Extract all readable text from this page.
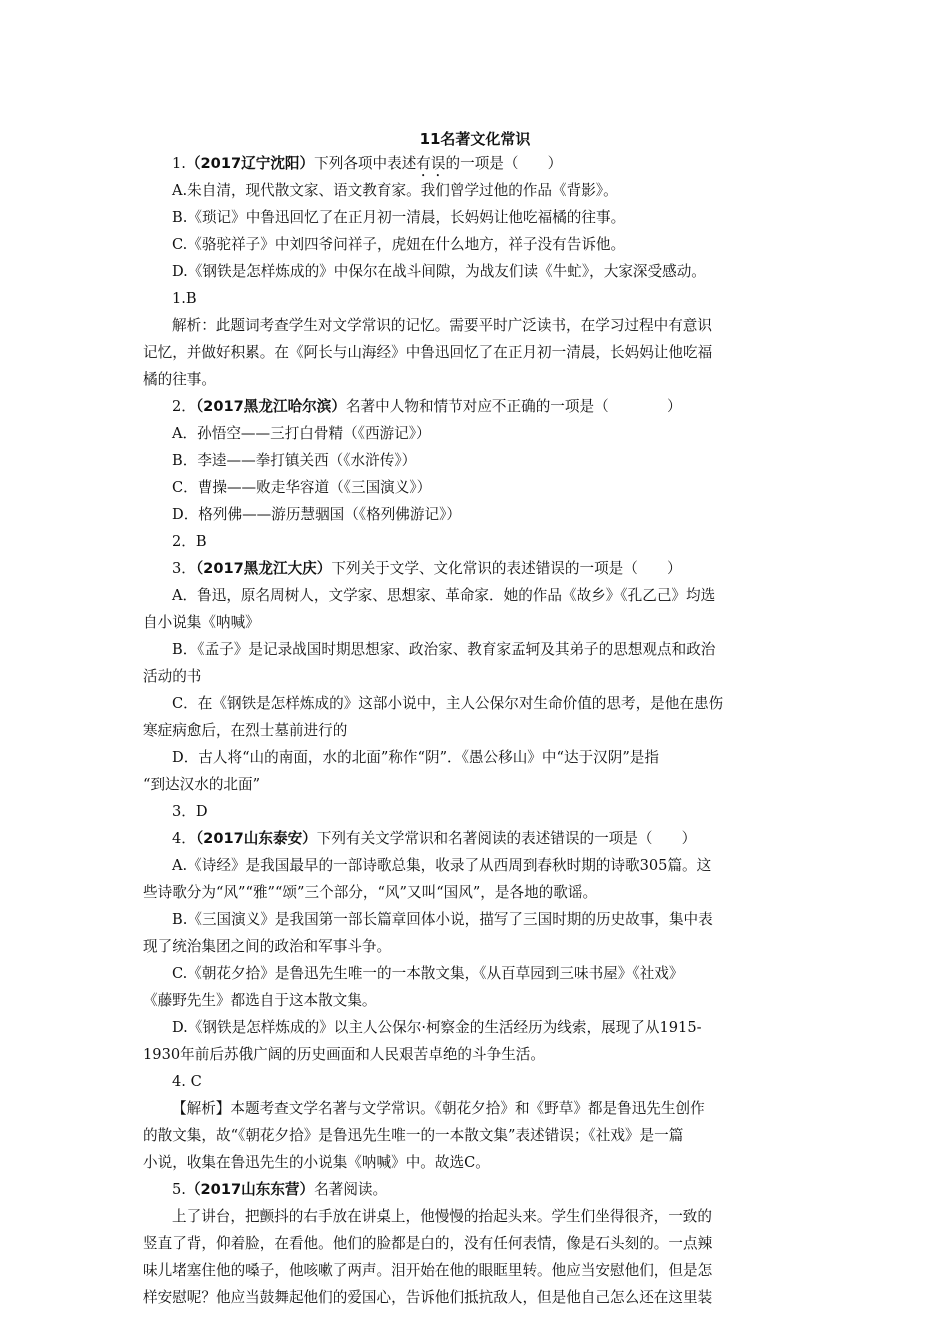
11名著文化常识
1.（2017辽宁沈阳）下列各项中表述有误的一项是（　　）
A.朱自清，现代散文家、语文教育家。我们曾学过他的作品《背影》。
B.《琐记》中鲁迅回忆了在正月初一清晨，长妈妈让他吃福橘的往事。
C.《骆驼祥子》中刘四爷问祥子，虎妞在什么地方，祥子没有告诉他。
D.《钢铁是怎样炼成的》中保尔在战斗间隙，为战友们读《牛虻》，大家深受感动。
1.B
解析：此题词考查学生对文学常识的记忆。需要平时广泛读书，在学习过程中有意识
记忆，并做好积累。在《阿长与山海经》中鲁迅回忆了在正月初一清晨，长妈妈让他吃福
橘的往事。
2．（2017黑龙江哈尔滨）名著中人物和情节对应不正确的一项是（　　　　）
A．孙悟空——三打白骨精（《西游记》）
B．李逵——拳打镇关西（《水浒传》）
C．曹操——败走华容道（《三国演义》）
D．格列佛——游历慧骃国（《格列佛游记》）
2．B
3．（2017黑龙江大庆）下列关于文学、文化常识的表述错误的一项是（　　）
A．鲁迅，原名周树人，文学家、思想家、革命家．她的作品《故乡》《孔乙己》均选
自小说集《呐喊》
B．《孟子》是记录战国时期思想家、政治家、教育家孟轲及其弟子的思想观点和政治
活动的书
C．在《钢铁是怎样炼成的》这部小说中，主人公保尔对生命价值的思考，是他在患伤
寒症病愈后，在烈士墓前进行的
D．古人将“山的南面，水的北面”称作“阴”．《愚公移山》中“达于汉阴”是指
“到达汉水的北面”
3．D
4．（2017山东泰安）下列有关文学常识和名著阅读的表述错误的一项是（　　）
A.《诗经》是我国最早的一部诗歌总集，收录了从西周到春秋时期的诗歌305篇。这
些诗歌分为“风”“雅”“颂”三个部分，“风”又叫“国风”，是各地的歌谣。
B.《三国演义》是我国第一部长篇章回体小说，描写了三国时期的历史故事，集中表
现了统治集团之间的政治和军事斗争。
C.《朝花夕拾》是鲁迅先生唯一的一本散文集，《从百草园到三味书屋》《社戏》
《藤野先生》都选自于这本散文集。
D.《钢铁是怎样炼成的》以主人公保尔·柯察金的生活经历为线索，展现了从1915-
1930年前后苏俄广阔的历史画面和人民艰苦卓绝的斗争生活。
4. C
【解析】本题考查文学名著与文学常识。《朝花夕拾》和《野草》都是鲁迅先生创作
的散文集，故“《朝花夕拾》是鲁迅先生唯一的一本散文集”表述错误；《社戏》是一篇
小说，收集在鲁迅先生的小说集《呐喊》中。故选C。
5.（2017山东东营）名著阅读。
上了讲台，把颤抖的右手放在讲桌上，他慢慢的抬起头来。学生们坐得很齐，一致的
竖直了背，仰着脸，在看他。他们的脸都是白的，没有任何表情，像是石头刻的。一点辣
味儿堵塞住他的嗓子，他咳嗽了两声。泪开始在他的眼眶里转。他应当安慰他们，但是怎
样安慰呢？他应当鼓舞起他们的爱国心，告诉他们抵抗敌人，但是他自己怎么还在这里装
